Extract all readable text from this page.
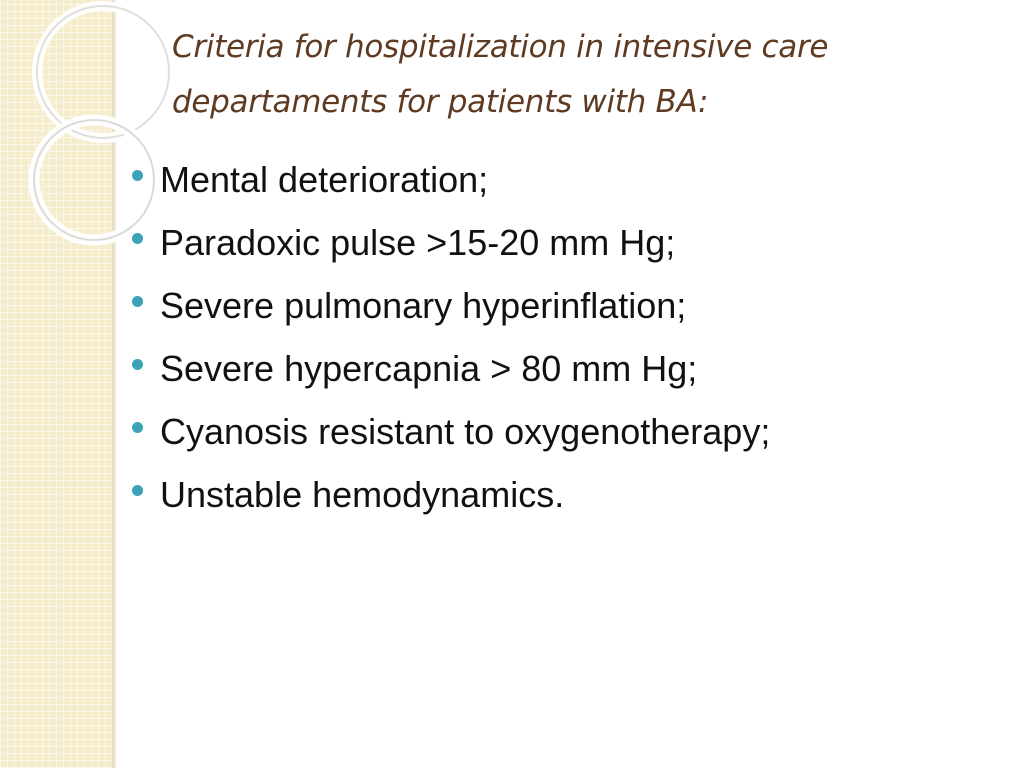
Criteria for hospitalization in intensive care departaments for patients with BA:
Mental deterioration;
Paradoxic pulse >15-20 mm Hg;
Severe pulmonary hyperinflation;
Severe hypercapnia > 80 mm Hg;
Cyanosis resistant to oxygenotherapy;
Unstable hemodynamics.
